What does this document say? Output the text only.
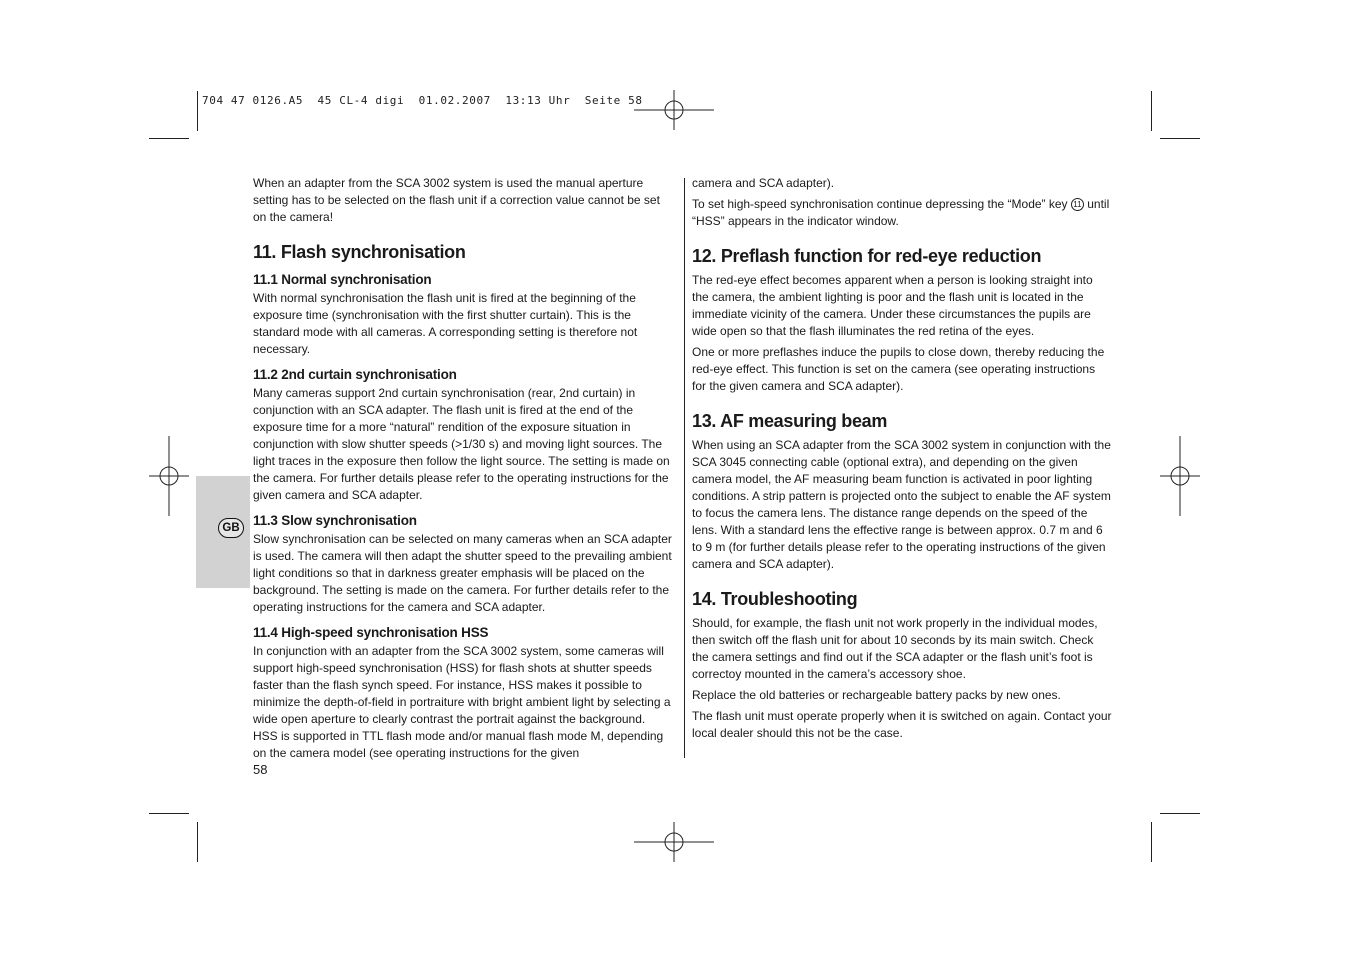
704 47 0126.A5  45 CL-4 digi  01.02.2007  13:13 Uhr  Seite 58
GB

When an adapter from the SCA 3002 system is used the manual aperture setting has to be selected on the flash unit if a correction value cannot be set on the camera!

11. Flash synchronisation
11.1 Normal synchronisation

With normal synchronisation the flash unit is fired at the beginning of the exposure time (synchronisation with the first shutter curtain). This is the standard mode with all cameras. A corresponding setting is therefore not necessary.

11.2 2nd curtain synchronisation

Many cameras support 2nd curtain synchronisation (rear, 2nd curtain) in conjunction with an SCA adapter. The flash unit is fired at the end of the exposure time for a more “natural” rendition of the exposure situation in conjunction with slow shutter speeds (>1/30 s) and moving light sources. The light traces in the exposure then follow the light source. The setting is made on the camera. For further details please refer to the operating instructions for the given camera and SCA adapter.

11.3 Slow synchronisation

Slow synchronisation can be selected on many cameras when an SCA adapter is used. The camera will then adapt the shutter speed to the prevailing ambient light conditions so that in darkness greater emphasis will be placed on the background. The setting is made on the camera. For further details refer to the operating instructions for the camera and SCA adapter.

11.4 High-speed synchronisation HSS

In conjunction with an adapter from the SCA 3002 system, some cameras will support high-speed synchronisation (HSS) for flash shots at shutter speeds faster than the flash synch speed. For instance, HSS makes it possible to minimize the depth-of-field in portraiture with bright ambient light by selecting a wide open aperture to clearly contrast the portrait against the background. HSS is supported in TTL flash mode and/or manual flash mode M, depending on the camera model (see operating instructions for the given

camera and SCA adapter).

To set high-speed synchronisation continue depressing the “Mode” key 11 until “HSS” appears in the indicator window.

12. Preflash function for red-eye reduction

The red-eye effect becomes apparent when a person is looking straight into the camera, the ambient lighting is poor and the flash unit is located in the immediate vicinity of the camera. Under these circumstances the pupils are wide open so that the flash illuminates the red retina of the eyes.

One or more preflashes induce the pupils to close down, thereby reducing the red-eye effect. This function is set on the camera (see operating instructions for the given camera and SCA adapter).

13. AF measuring beam

When using an SCA adapter from the SCA 3002 system in conjunction with the SCA 3045 connecting cable (optional extra), and depending on the given camera model, the AF measuring beam function is activated in poor lighting conditions. A strip pattern is projected onto the subject to enable the AF system to focus the camera lens. The distance range depends on the speed of the lens. With a standard lens the effective range is between approx. 0.7 m and 6 to 9 m (for further details please refer to the operating instructions of the given camera and SCA adapter).

14. Troubleshooting

Should, for example, the flash unit not work properly in the individual modes, then switch off the flash unit for about 10 seconds by its main switch. Check the camera settings and find out if the SCA adapter or the flash unit’s foot is correctoy mounted in the camera’s accessory shoe.

Replace the old batteries or rechargeable battery packs by new ones.

The flash unit must operate properly when it is switched on again. Contact your local dealer should this not be the case.

58
